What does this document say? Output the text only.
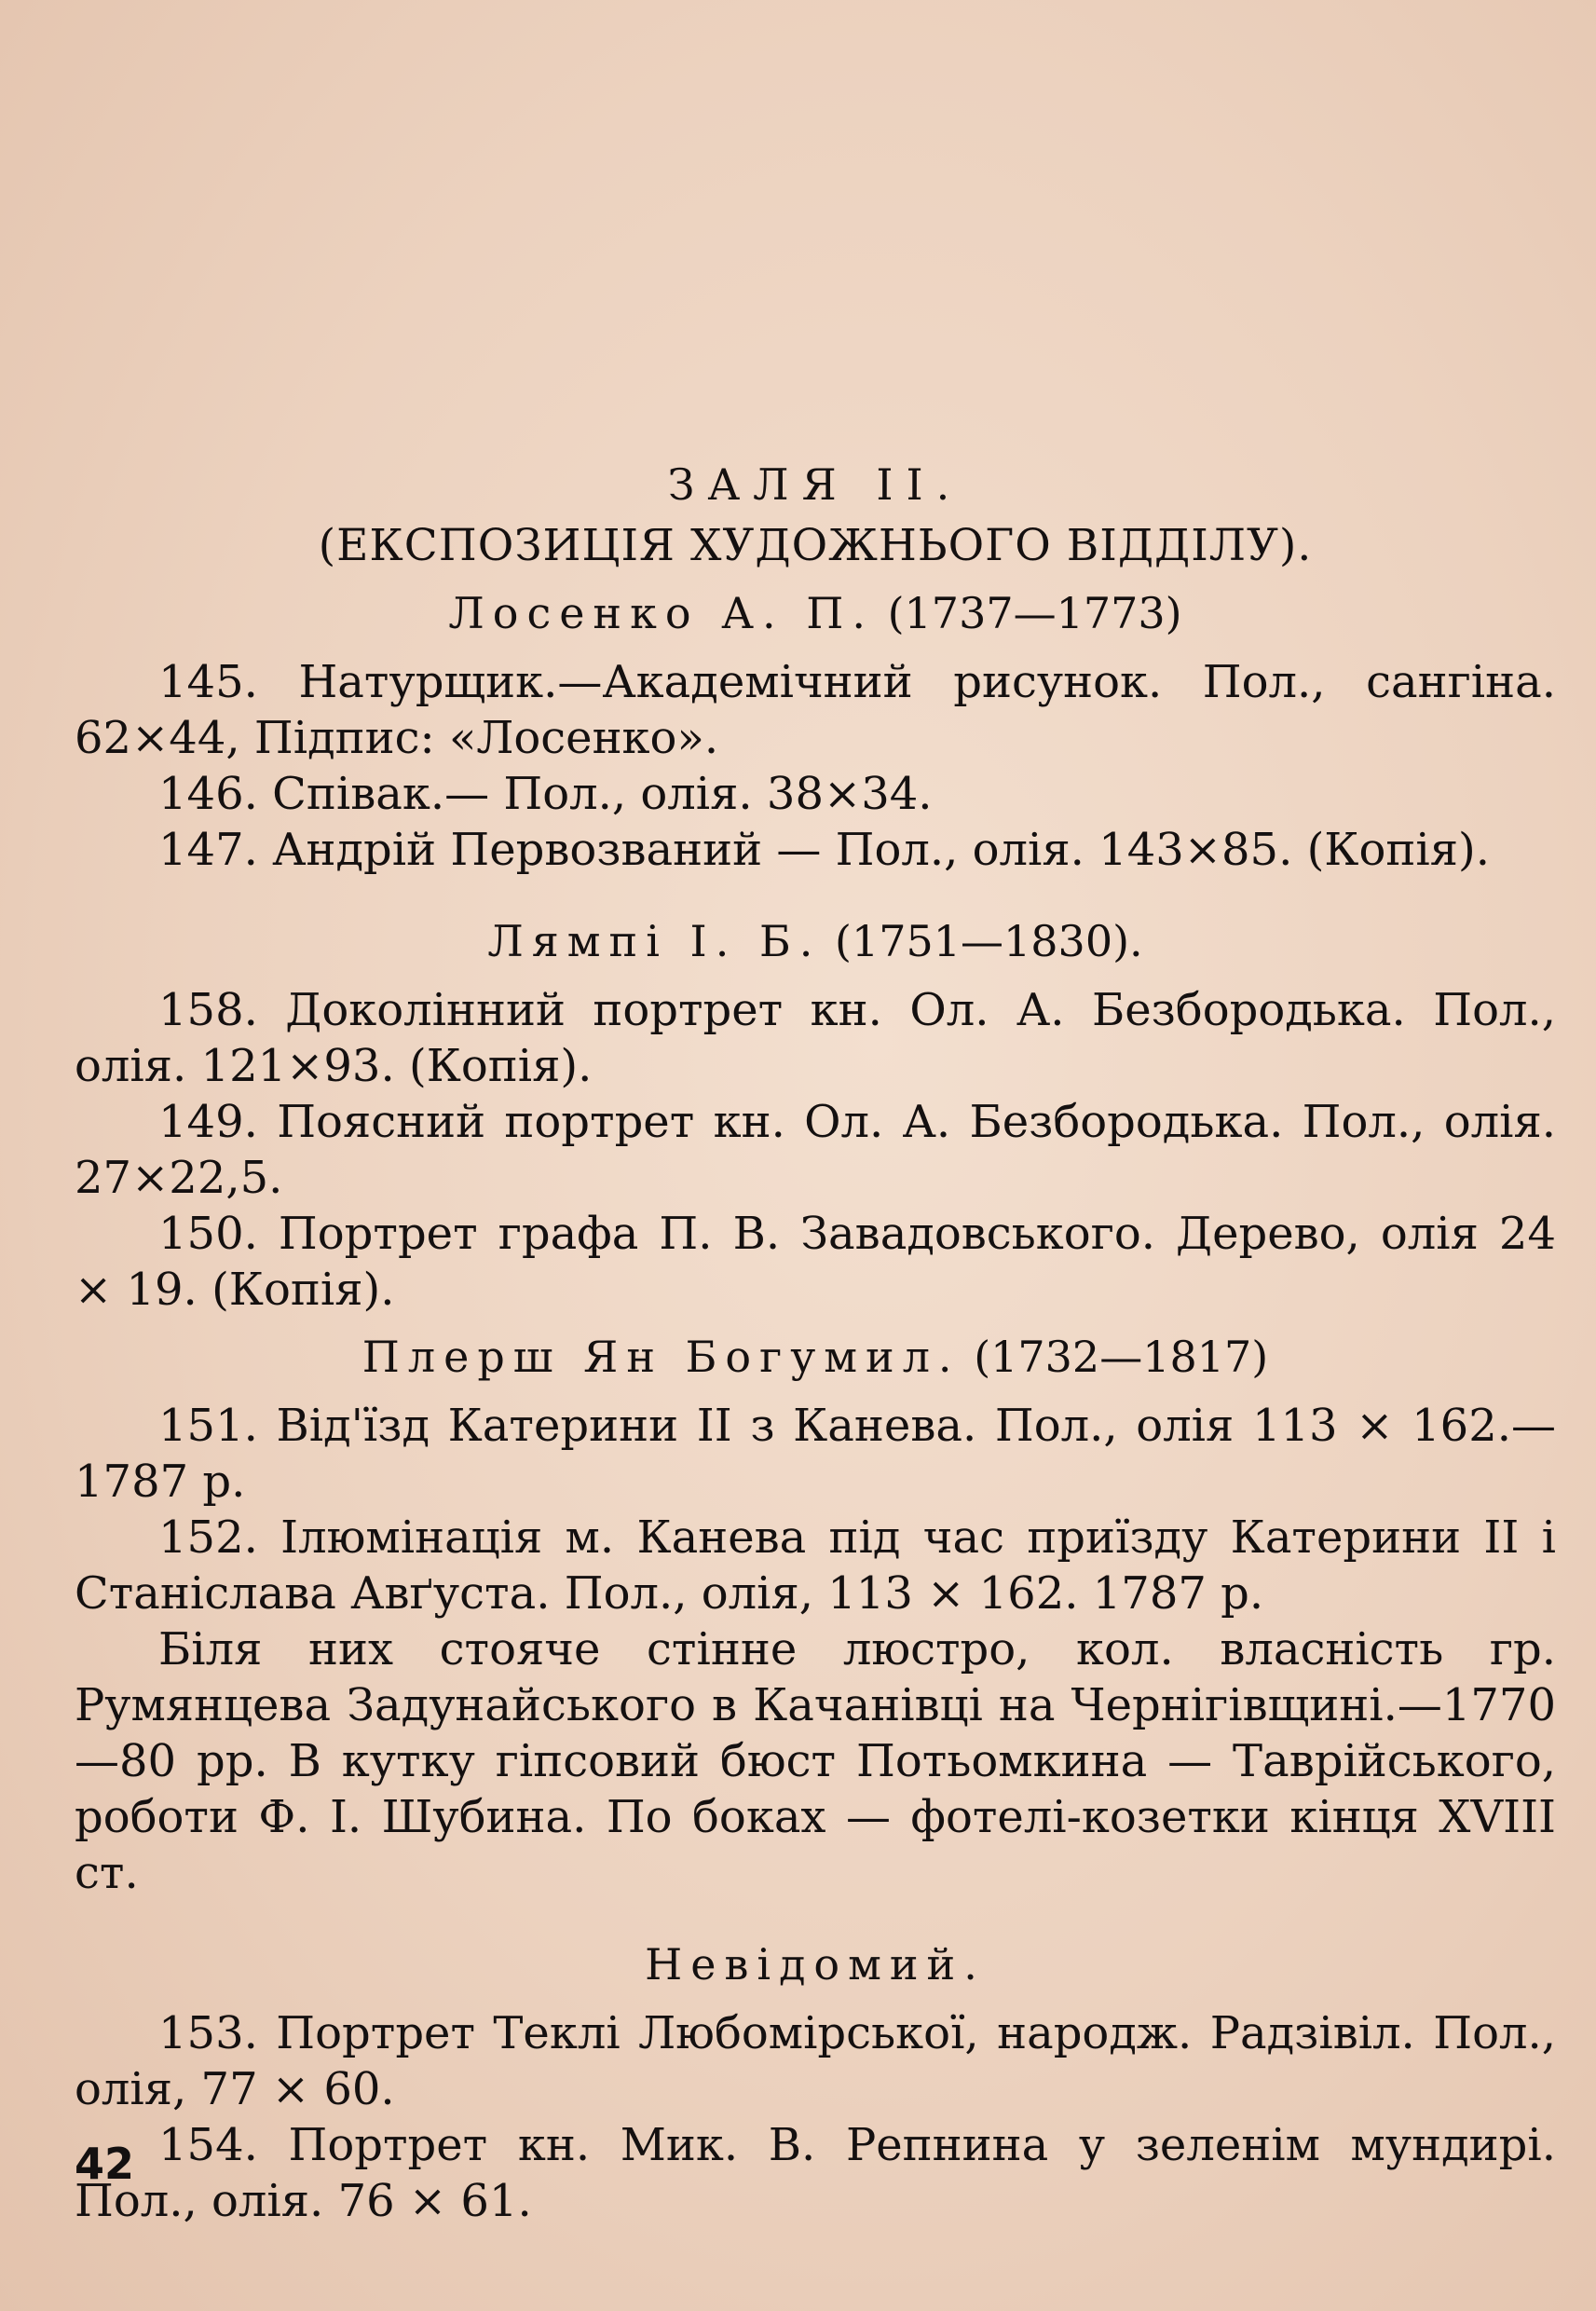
ЗАЛЯ II.

(ЕКСПОЗИЦІЯ ХУДОЖНЬОГО ВІДДІЛУ).

Лосенко А. П. (1737—1773)

145. Натурщик.—Академічний рисунок. Пол., сангіна. 62×44, Підпис: «Лосенко».

146. Співак.— Пол., олія. 38×34.

147. Андрій Первозваний — Пол., олія. 143×85. (Копія).

Лямпі І. Б. (1751—1830).

158. Доколінний портрет кн. Ол. А. Безбородька. Пол., олія. 121×93. (Копія).

149. Поясний портрет кн. Ол. А. Безбородька. Пол., олія. 27×22,5.

150. Портрет графа П. В. Завадовського. Дерево, олія 24 × 19. (Копія).

Плерш Ян Богумил. (1732—1817)

151. Від'їзд Катерини II з Канева. Пол., олія 113 × 162.— 1787 р.

152. Ілюмінація м. Канева під час приїзду Катерини II і Станіслава Авґуста. Пол., олія, 113 × 162. 1787 р.

Біля них стояче стінне люстро, кол. власність гр. Румянцева Задунайського в Качанівці на Чернігівщині.—1770—80 рр. В кутку гіпсовий бюст Потьомкина — Таврійського, роботи Ф. І. Шубина. По боках — фотелі-козетки кінця XVIII ст.

Невідомий.

153. Портрет Теклі Любомірської, народж. Радзівіл. Пол., олія, 77 × 60.

154. Портрет кн. Мик. В. Репнина у зеленім мундирі. Пол., олія. 76 × 61.

42
